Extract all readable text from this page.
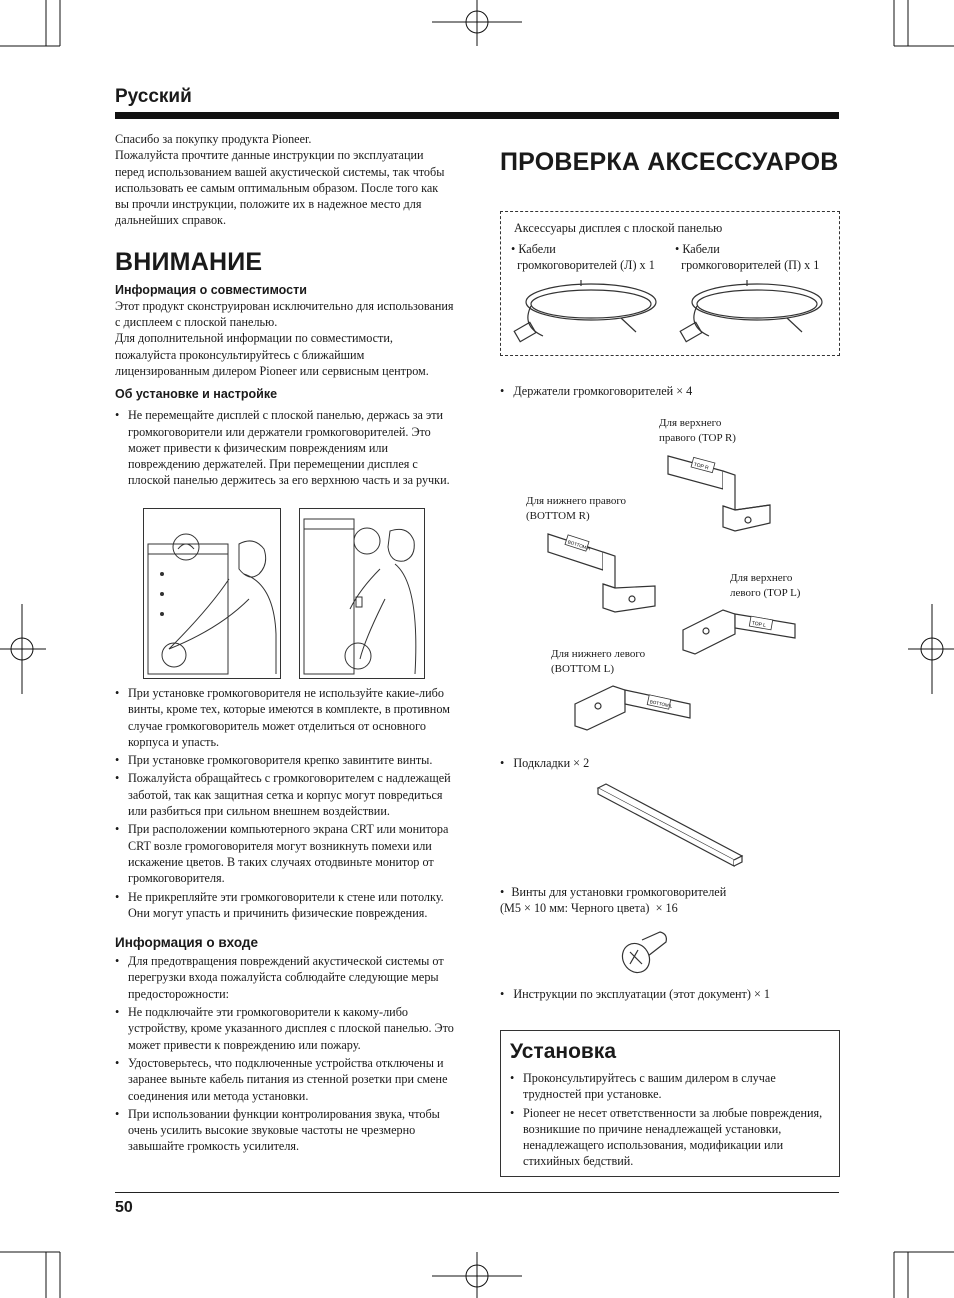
Русский

Спасибо за покупку продукта Pioneer.
Пожалуйста прочтите данные инструкции по эксплуатации перед использованием вашей акустической системы, так чтобы использовать ее самым оптимальным образом. После того как вы прочли инструкции, положите их в надежное место для дальнейших справок.

ВНИМАНИЕ
Информация о совместимости

Этот продукт сконструирован исключительно для использования с дисплеем с плоской панелью.
Для дополнительной информации по совместимости, пожалуйста проконсультируйтесь с ближайшим лицензированным дилером Pioneer или сервисным центром.

Об установке и настройке
• Не перемещайте дисплей с плоской панелью, держась за эти громкоговорители или держатели громкоговорителей. Это может привести к физическим повреждениям или повреждению держателей. При перемещении дисплея с плоской панелью держитесь за его верхнюю часть и за ручки.
• При установке громкоговорителя не используйте какие-либо винты, кроме тех, которые имеются в комплекте, в противном случае громкоговоритель может отделиться от основного корпуса и упасть.
• При установке громкоговорителя крепко завинтите винты.
• Пожалуйста обращайтесь с громкоговорителем с надлежащей заботой, так как защитная сетка и корпус могут повредиться или разбиться при сильном внешнем воздействии.
• При расположении компьютерного экрана CRT или монитора CRT возле громоговорителя могут возникнуть помехи или искажение цветов. В таких случаях отодвиньте монитор от громкоговорителя.
• Не прикрепляйте эти громкоговорители к стене или потолку. Они могут упасть и причинить физические повреждения.
Информация о входе
• Для предотвращения повреждений акустической системы от перегрузки входа пожалуйста соблюдайте следующие меры предосторожности:
• Не подключайте эти громкоговорители к какому-либо устройству, кроме указанного дисплея с плоской панелью. Это может привести к повреждению или пожару.
• Удостоверьтесь, что подключенные устройства отключены и заранее выньте кабель питания из стенной розетки при смене соединения или метода установки.
• При использовании функции контролирования звука, чтобы очень усилить высокие звуковые частоты не чрезмерно завышайте громкость усилителя.
ПРОВЕРКА АКСЕССУАРОВ
Аксессуары дисплея с плоской панелью
• Кабели
громкоговорителей (Л) x 1
• Кабели
громкоговорителей (П) x 1
• Держатели громкоговорителей × 4
Для верхнего
правого (TOP R)
Для нижнего правого
(BOTTOM R)
Для верхнего
левого (TOP L)
Для нижнего левого
(BOTTOM L)
TOP R
BOTTOM R
TOP L
BOTTOM L
• Подкладки × 2
• Винты для установки громкоговорителей
(M5 × 10 мм: Черного цвета)  × 16
• Инструкции по эксплуатации (этот документ) × 1
Установка
• Проконсультируйтесь с вашим дилером в случае трудностей при установке.
• Pioneer не несет ответственности за любые повреждения, возникшие по причине ненадлежащей установки, ненадлежащего использования, модификации или стихийных бедствий.
50
